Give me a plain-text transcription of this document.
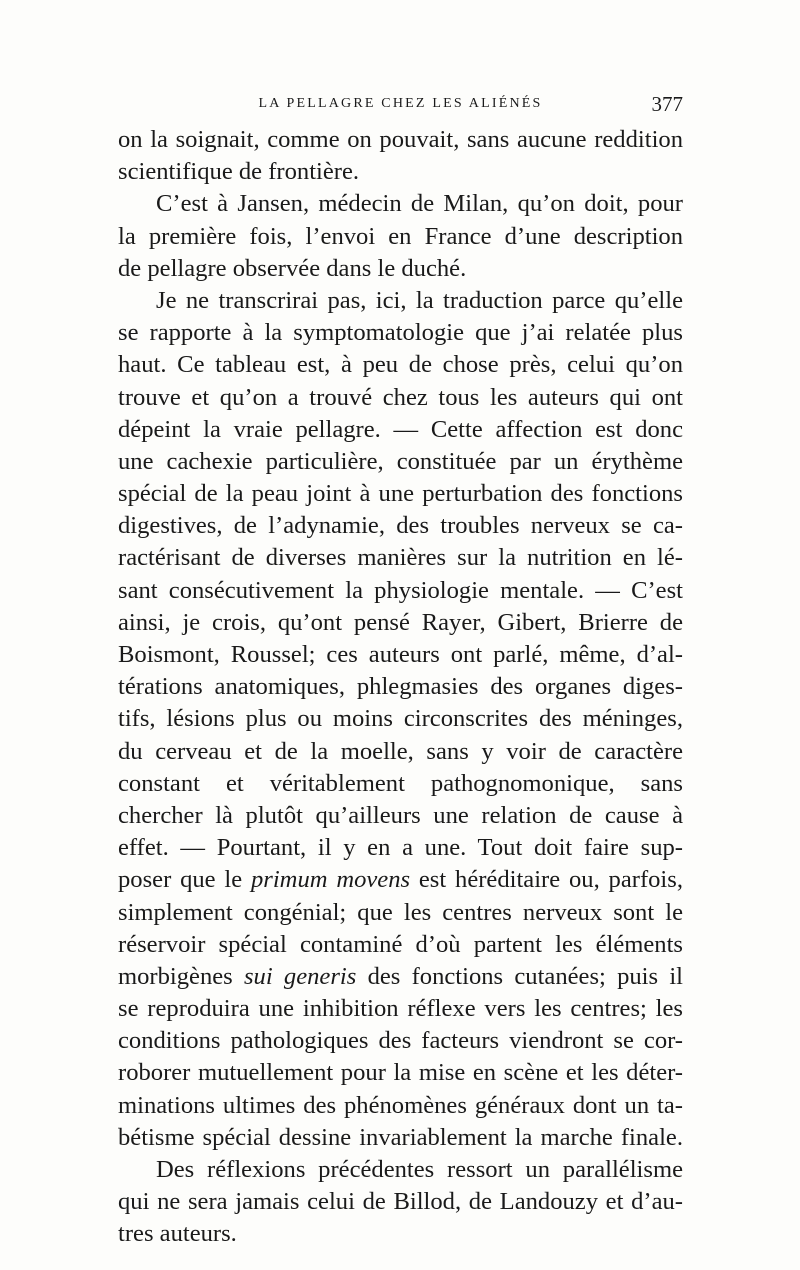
LA PELLAGRE CHEZ LES ALIÉNÉS	377
on la soignait, comme on pouvait, sans aucune reddition
scientifique de frontière.
C’est à Jansen, médecin de Milan, qu’on doit, pour
la première fois, l’envoi en France d’une description
de pellagre observée dans le duché.
Je ne transcrirai pas, ici, la traduction parce qu’elle
se rapporte à la symptomatologie que j’ai relatée plus
haut. Ce tableau est, à peu de chose près, celui qu’on
trouve et qu’on a trouvé chez tous les auteurs qui ont
dépeint la vraie pellagre. — Cette affection est donc
une cachexie particulière, constituée par un érythème
spécial de la peau joint à une perturbation des fonctions
digestives, de l’adynamie, des troubles nerveux se ca-
ractérisant de diverses manières sur la nutrition en lé-
sant consécutivement la physiologie mentale. — C’est
ainsi, je crois, qu’ont pensé Rayer, Gibert, Brierre de
Boismont, Roussel; ces auteurs ont parlé, même, d’al-
térations anatomiques, phlegmasies des organes diges-
tifs, lésions plus ou moins circonscrites des méninges,
du cerveau et de la moelle, sans y voir de caractère
constant et véritablement pathognomonique, sans
chercher là plutôt qu’ailleurs une relation de cause à
effet. — Pourtant, il y en a une. Tout doit faire sup-
poser que le primum movens est héréditaire ou, parfois,
simplement congénial; que les centres nerveux sont le
réservoir spécial contaminé d’où partent les éléments
morbigènes sui generis des fonctions cutanées; puis il
se reproduira une inhibition réflexe vers les centres; les
conditions pathologiques des facteurs viendront se cor-
roborer mutuellement pour la mise en scène et les déter-
minations ultimes des phénomènes généraux dont un ta-
bétisme spécial dessine invariablement la marche finale.
Des réflexions précédentes ressort un parallélisme
qui ne sera jamais celui de Billod, de Landouzy et d’au-
tres auteurs.
